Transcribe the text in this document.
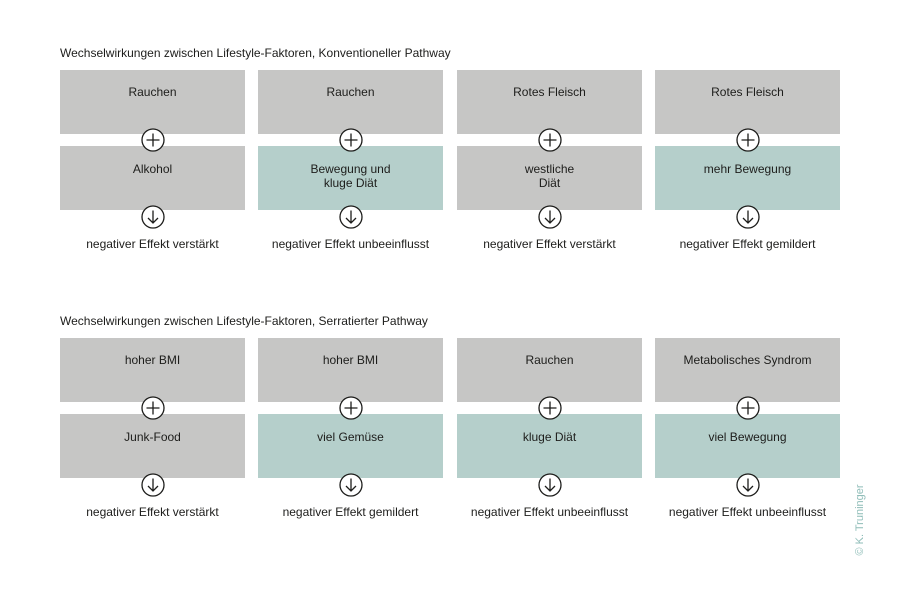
Wechselwirkungen zwischen Lifestyle-Faktoren, Konventioneller Pathway
Rauchen
Alkohol
negativer Effekt verstärkt
Rauchen
Bewegung und
kluge Diät
negativer Effekt unbeeinflusst
Rotes Fleisch
westliche
Diät
negativer Effekt verstärkt
Rotes Fleisch
mehr Bewegung
negativer Effekt gemildert
Wechselwirkungen zwischen Lifestyle-Faktoren, Serratierter Pathway
hoher BMI
Junk-Food
negativer Effekt verstärkt
hoher BMI
viel Gemüse
negativer Effekt gemildert
Rauchen
kluge Diät
negativer Effekt unbeeinflusst
Metabolisches Syndrom
viel Bewegung
negativer Effekt unbeeinflusst	© K. Truninger
